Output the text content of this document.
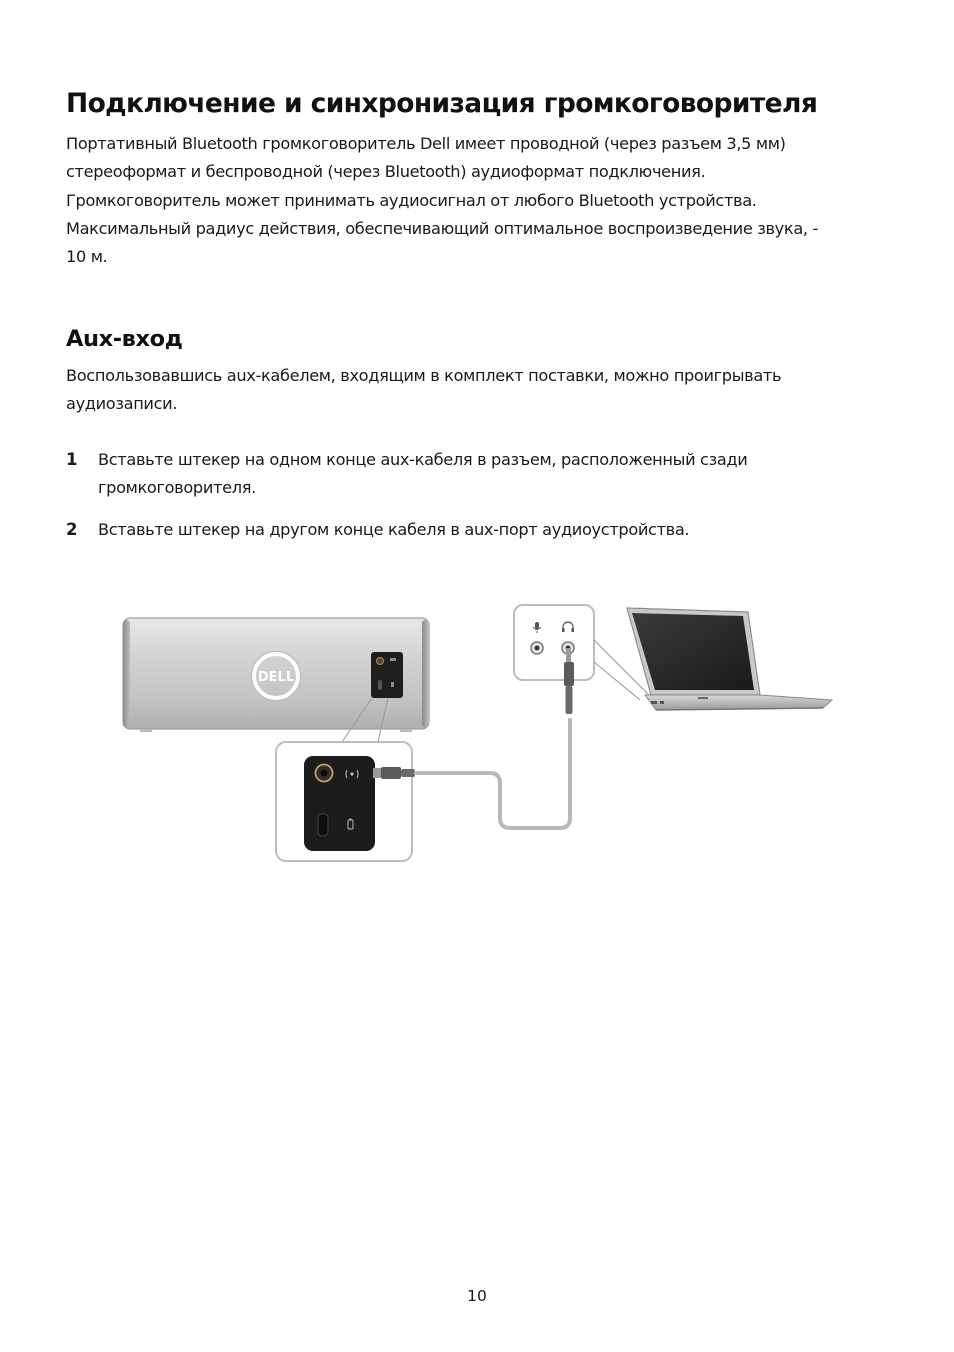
Подключение и синхронизация громкоговорителя
Портативный Bluetooth громкоговоритель Dell имеет проводной (через разъем 3,5 мм)
стереоформат и беспроводной (через Bluetooth) аудиоформат подключения.
Громкоговоритель может принимать аудиосигнал от любого Bluetooth устройства.
Максимальный радиус действия, обеспечивающий оптимальное воспроизведение звука, -
10 м.
Aux-вход
Воспользовавшись aux-кабелем, входящим в комплект поставки, можно проигрывать
аудиозаписи.
1 Вставьте штекер на одном конце aux-кабеля в разъем, расположенный сзади
громкоговорителя.
2 Вставьте штекер на другом конце кабеля в aux-порт аудиоустройства.
DELL
10
